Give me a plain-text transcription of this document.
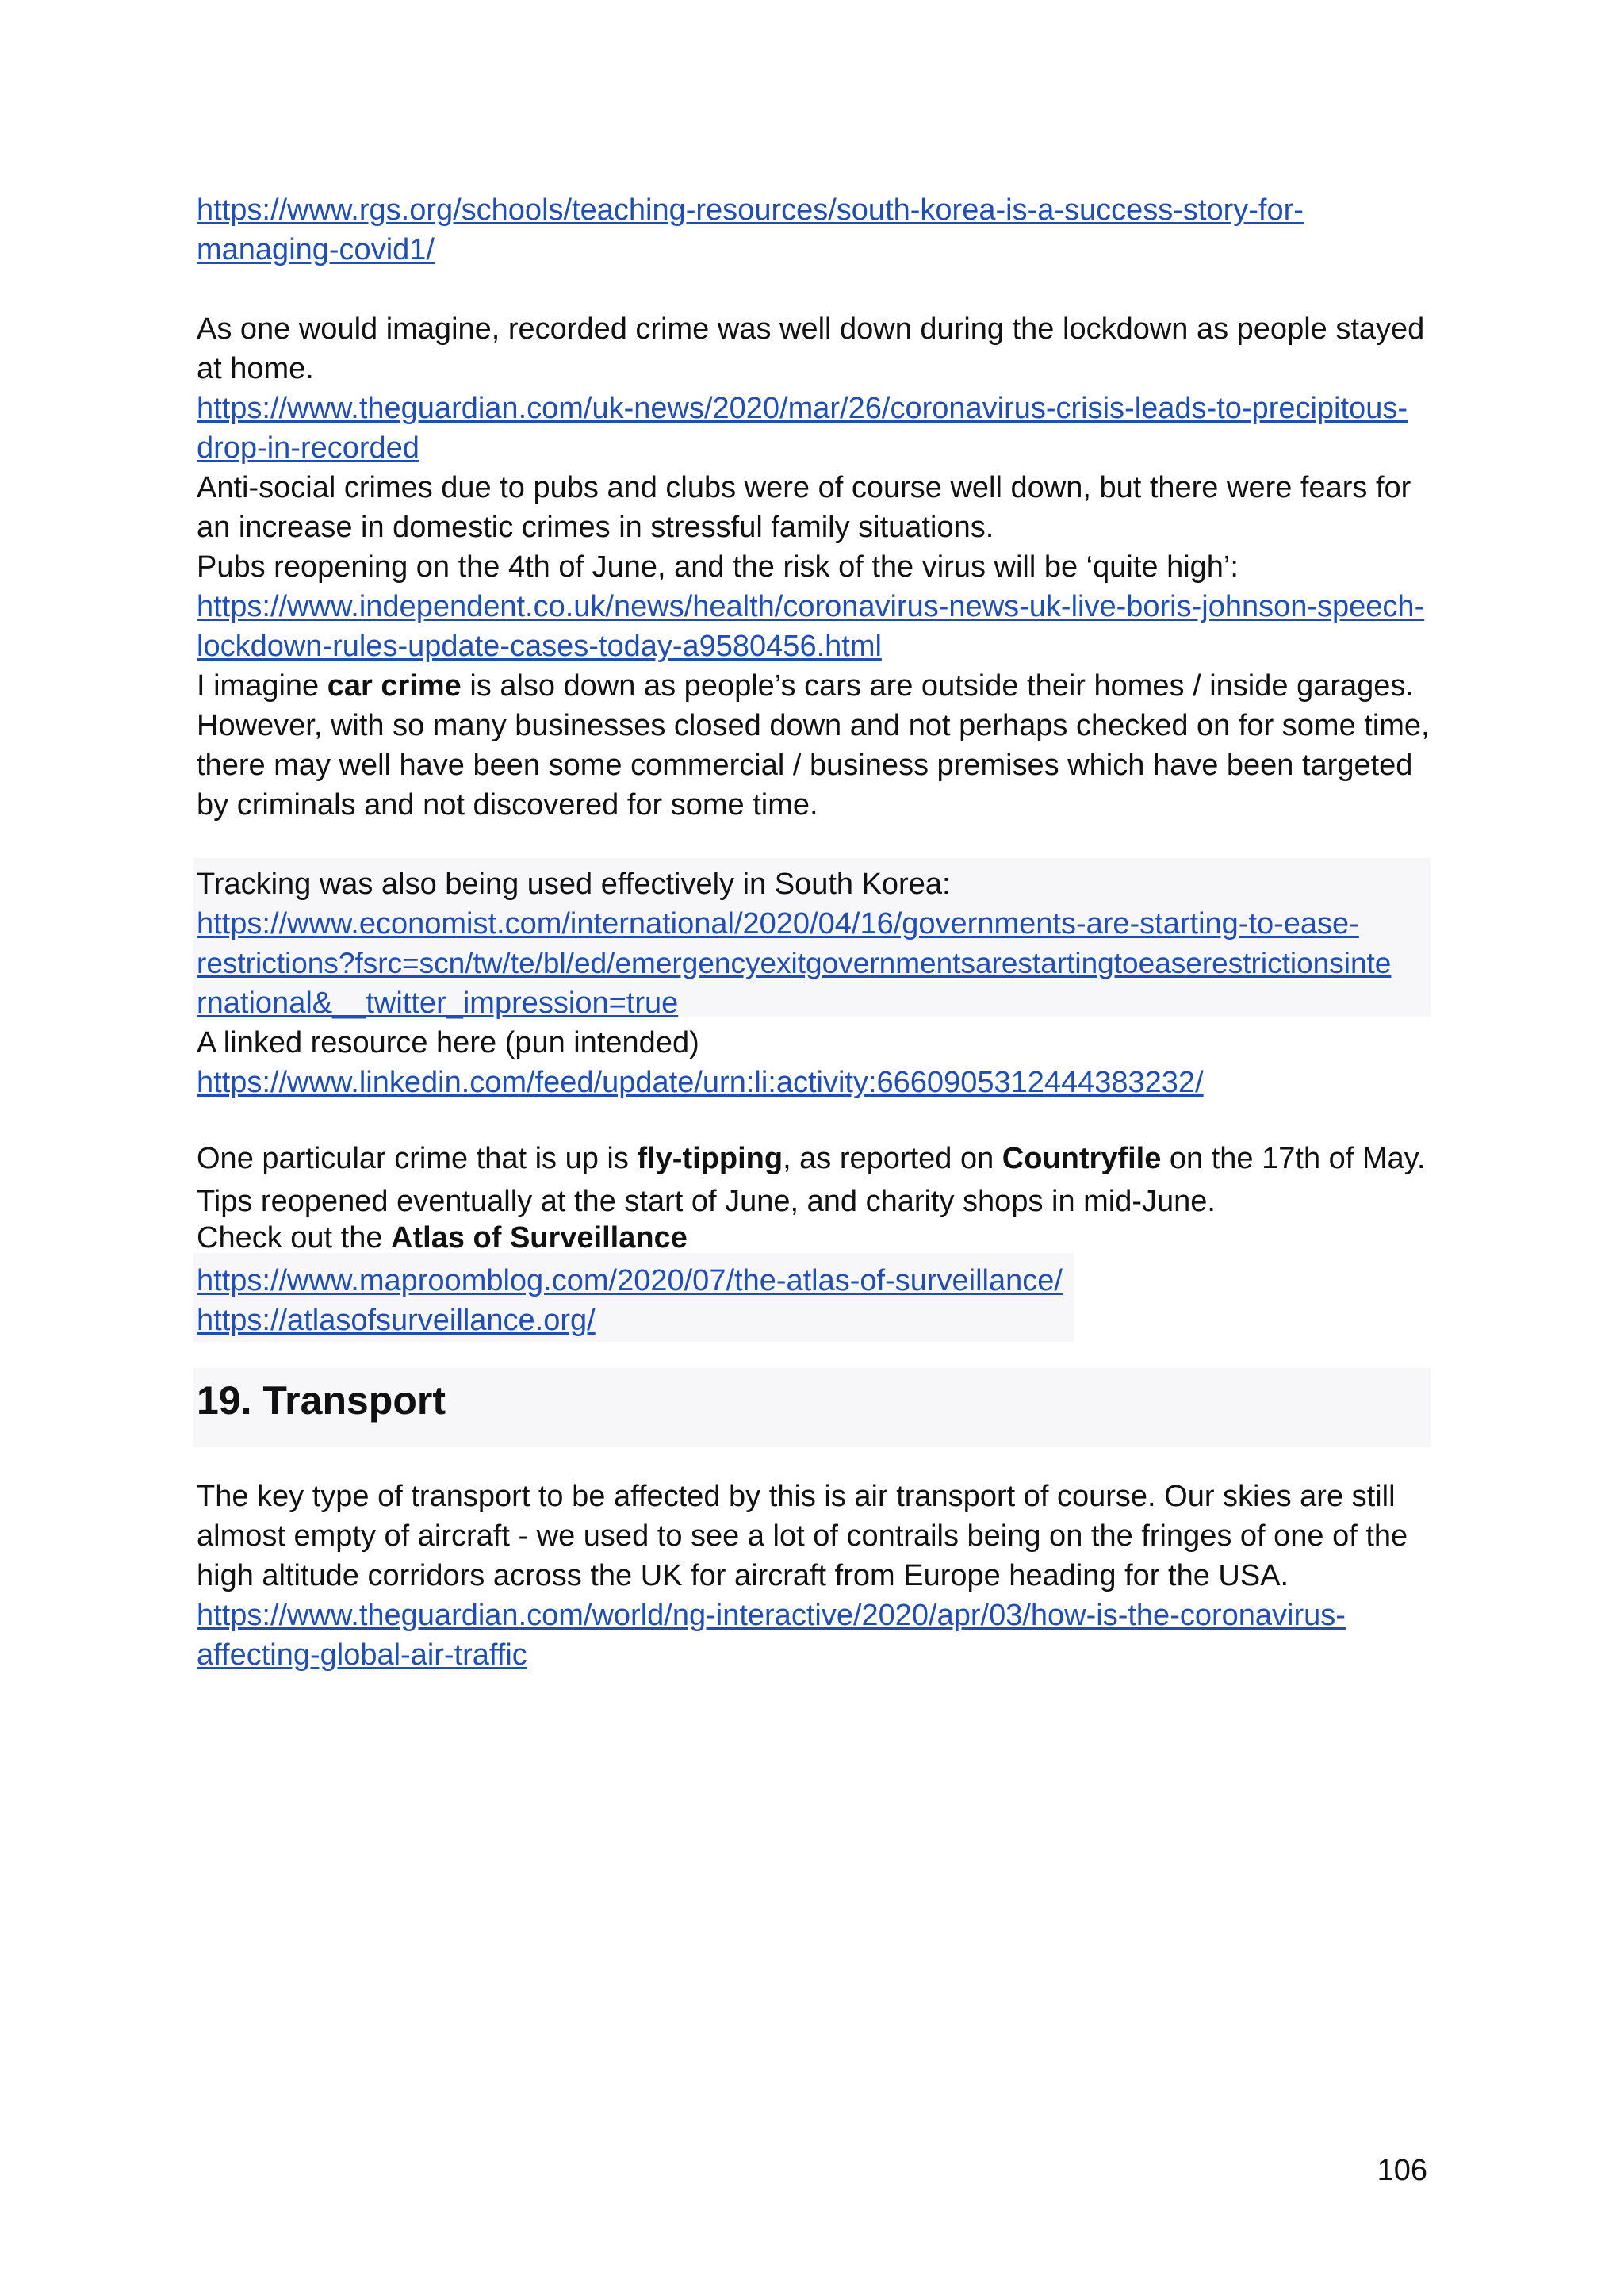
https://www.rgs.org/schools/teaching-resources/south-korea-is-a-success-story-for-

managing-covid1/

As one would imagine, recorded crime was well down during the lockdown as people stayed

at home.

https://www.theguardian.com/uk-news/2020/mar/26/coronavirus-crisis-leads-to-precipitous-

drop-in-recorded

Anti-social crimes due to pubs and clubs were of course well down, but there were fears for

an increase in domestic crimes in stressful family situations.

Pubs reopening on the 4th of June, and the risk of the virus will be ‘quite high’:

https://www.independent.co.uk/news/health/coronavirus-news-uk-live-boris-johnson-speech-

lockdown-rules-update-cases-today-a9580456.html

I imagine car crime is also down as people’s cars are outside their homes / inside garages.

However, with so many businesses closed down and not perhaps checked on for some time,

there may well have been some commercial / business premises which have been targeted

by criminals and not discovered for some time.

Tracking was also being used effectively in South Korea:

https://www.economist.com/international/2020/04/16/governments-are-starting-to-ease-

restrictions?fsrc=scn/tw/te/bl/ed/emergencyexitgovernmentsarestartingtoeaserestrictionsinte

rnational&__twitter_impression=true

A linked resource here (pun intended)

https://www.linkedin.com/feed/update/urn:li:activity:6660905312444383232/

One particular crime that is up is fly-tipping, as reported on Countryfile on the 17th of May.

Tips reopened eventually at the start of June, and charity shops in mid-June.

Check out the Atlas of Surveillance

https://www.maproomblog.com/2020/07/the-atlas-of-surveillance/

https://atlasofsurveillance.org/

19. Transport

The key type of transport to be affected by this is air transport of course. Our skies are still

almost empty of aircraft - we used to see a lot of contrails being on the fringes of one of the

high altitude corridors across the UK for aircraft from Europe heading for the USA.

https://www.theguardian.com/world/ng-interactive/2020/apr/03/how-is-the-coronavirus-

affecting-global-air-traffic

106
